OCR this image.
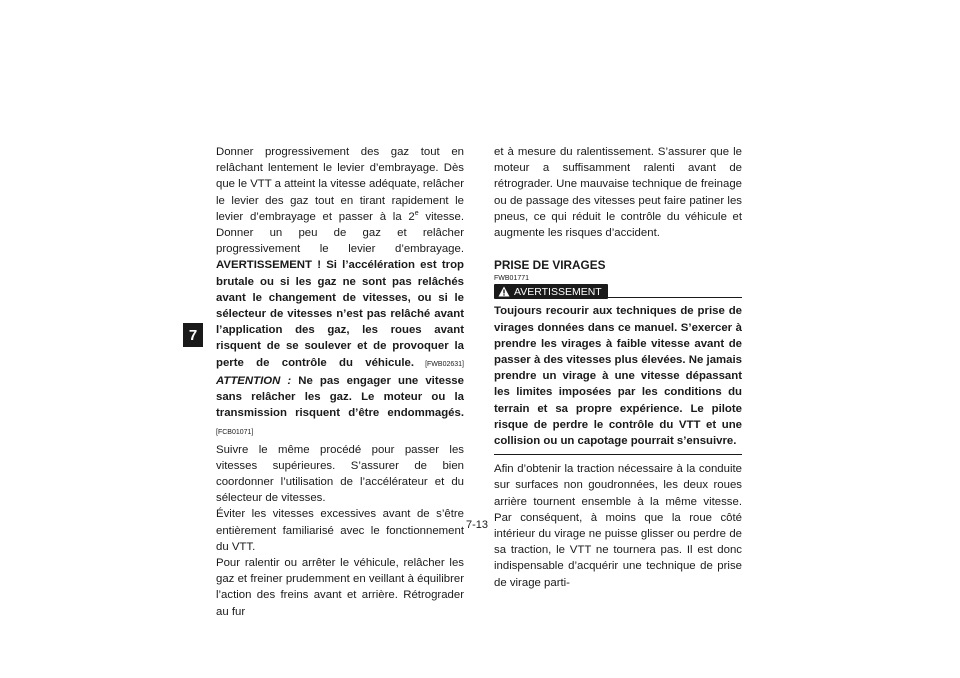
7

Donner progressivement des gaz tout en relâchant lentement le levier d’embrayage. Dès que le VTT a atteint la vitesse adéquate, relâcher le levier des gaz tout en tirant rapidement le levier d’embrayage et passer à la 2e vitesse. Donner un peu de gaz et relâcher progressivement le levier d’embrayage. AVERTISSEMENT ! Si l’accélération est trop brutale ou si les gaz ne sont pas relâchés avant le changement de vitesses, ou si le sélecteur de vitesses n’est pas relâché avant l’application des gaz, les roues avant risquent de se soulever et de provoquer la perte de contrôle du véhicule. [FWB02631] ATTENTION : Ne pas engager une vitesse sans relâcher les gaz. Le moteur ou la transmission risquent d’être endommagés. [FCB01071]

Suivre le même procédé pour passer les vitesses supérieures. S’assurer de bien coordonner l’utilisation de l’accélérateur et du sélecteur de vitesses.

Éviter les vitesses excessives avant de s’être entièrement familiarisé avec le fonctionnement du VTT.

Pour ralentir ou arrêter le véhicule, relâcher les gaz et freiner prudemment en veillant à équilibrer l’action des freins avant et arrière. Rétrograder au fur

et à mesure du ralentissement. S’assurer que le moteur a suffisamment ralenti avant de rétrograder. Une mauvaise technique de freinage ou de passage des vitesses peut faire patiner les pneus, ce qui réduit le contrôle du véhicule et augmente les risques d’accident.

PRISE DE VIRAGES

FWB01771

AVERTISSEMENT

Toujours recourir aux techniques de prise de virages données dans ce manuel. S’exercer à prendre les virages à faible vitesse avant de passer à des vitesses plus élevées. Ne jamais prendre un virage à une vitesse dépassant les limites imposées par les conditions du terrain et sa propre expérience. Le pilote risque de perdre le contrôle du VTT et une collision ou un capotage pourrait s’ensuivre.

Afin d’obtenir la traction nécessaire à la conduite sur surfaces non goudronnées, les deux roues arrière tournent ensemble à la même vitesse. Par conséquent, à moins que la roue côté intérieur du virage ne puisse glisser ou perdre de sa traction, le VTT ne tournera pas. Il est donc indispensable d’acquérir une technique de prise de virage parti-

7-13
